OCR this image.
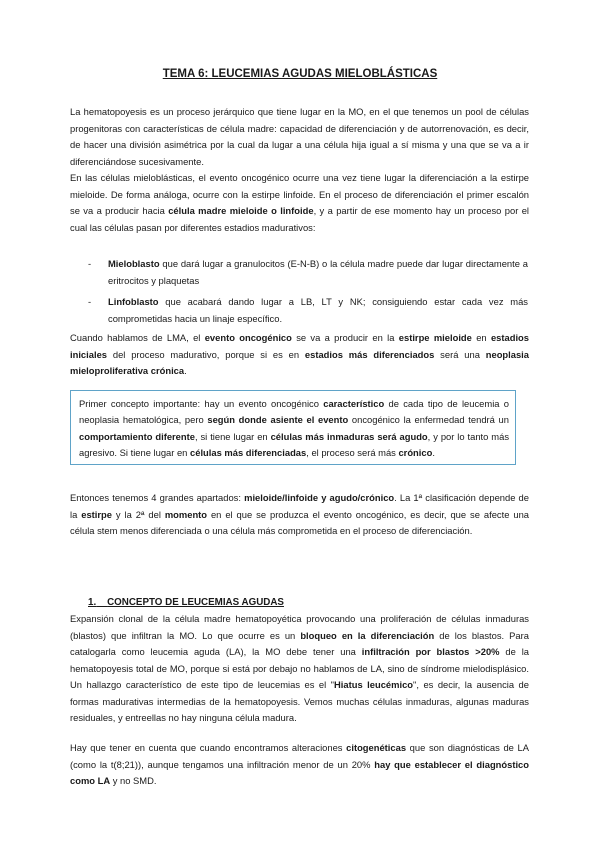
TEMA 6: LEUCEMIAS AGUDAS MIELOBLÁSTICAS

La hematopoyesis es un proceso jerárquico que tiene lugar en la MO, en el que tenemos un pool de células progenitoras con características de célula madre: capacidad de diferenciación y de autorrenovación, es decir, de hacer una división asimétrica por la cual da lugar a una célula hija igual a sí misma y una que se va a ir diferenciándose sucesivamente.

En las células mieloblásticas, el evento oncogénico ocurre una vez tiene lugar la diferenciación a la estirpe mieloide. De forma análoga, ocurre con la estirpe linfoide. En el proceso de diferenciación el primer escalón se va a producir hacia célula madre mieloide o linfoide, y a partir de ese momento hay un proceso por el cual las células pasan por diferentes estadios madurativos:

- Mieloblasto que dará lugar a granulocitos (E-N-B) o la célula madre puede dar lugar directamente a eritrocitos y plaquetas
- Linfoblasto que acabará dando lugar a LB, LT y NK; consiguiendo estar cada vez más comprometidas hacia un linaje específico.

Cuando hablamos de LMA, el evento oncogénico se va a producir en la estirpe mieloide en estadios iniciales del proceso madurativo, porque si es en estadios más diferenciados será una neoplasia mieloproliferativa crónica.

Primer concepto importante: hay un evento oncogénico característico de cada tipo de leucemia o neoplasia hematológica, pero según donde asiente el evento oncogénico la enfermedad tendrá un comportamiento diferente, si tiene lugar en células más inmaduras será agudo, y por lo tanto más agresivo. Si tiene lugar en células más diferenciadas, el proceso será más crónico.

Entonces tenemos 4 grandes apartados: mieloide/linfoide y agudo/crónico. La 1ª clasificación depende de la estirpe y la 2ª del momento en el que se produzca el evento oncogénico, es decir, que se afecte una célula stem menos diferenciada o una célula más comprometida en el proceso de diferenciación.

1. CONCEPTO DE LEUCEMIAS AGUDAS

Expansión clonal de la célula madre hematopoyética provocando una proliferación de células inmaduras (blastos) que infiltran la MO. Lo que ocurre es un bloqueo en la diferenciación de los blastos. Para catalogarla como leucemia aguda (LA), la MO debe tener una infiltración por blastos >20% de la hematopoyesis total de MO, porque si está por debajo no hablamos de LA, sino de síndrome mielodisplásico. Un hallazgo característico de este tipo de leucemias es el "Hiatus leucémico", es decir, la ausencia de formas madurativas intermedias de la hematopoyesis. Vemos muchas células inmaduras, algunas maduras residuales, y entreellas no hay ninguna célula madura.

Hay que tener en cuenta que cuando encontramos alteraciones citogenéticas que son diagnósticas de LA (como la t(8;21)), aunque tengamos una infiltración menor de un 20% hay que establecer el diagnóstico como LA y no SMD.
